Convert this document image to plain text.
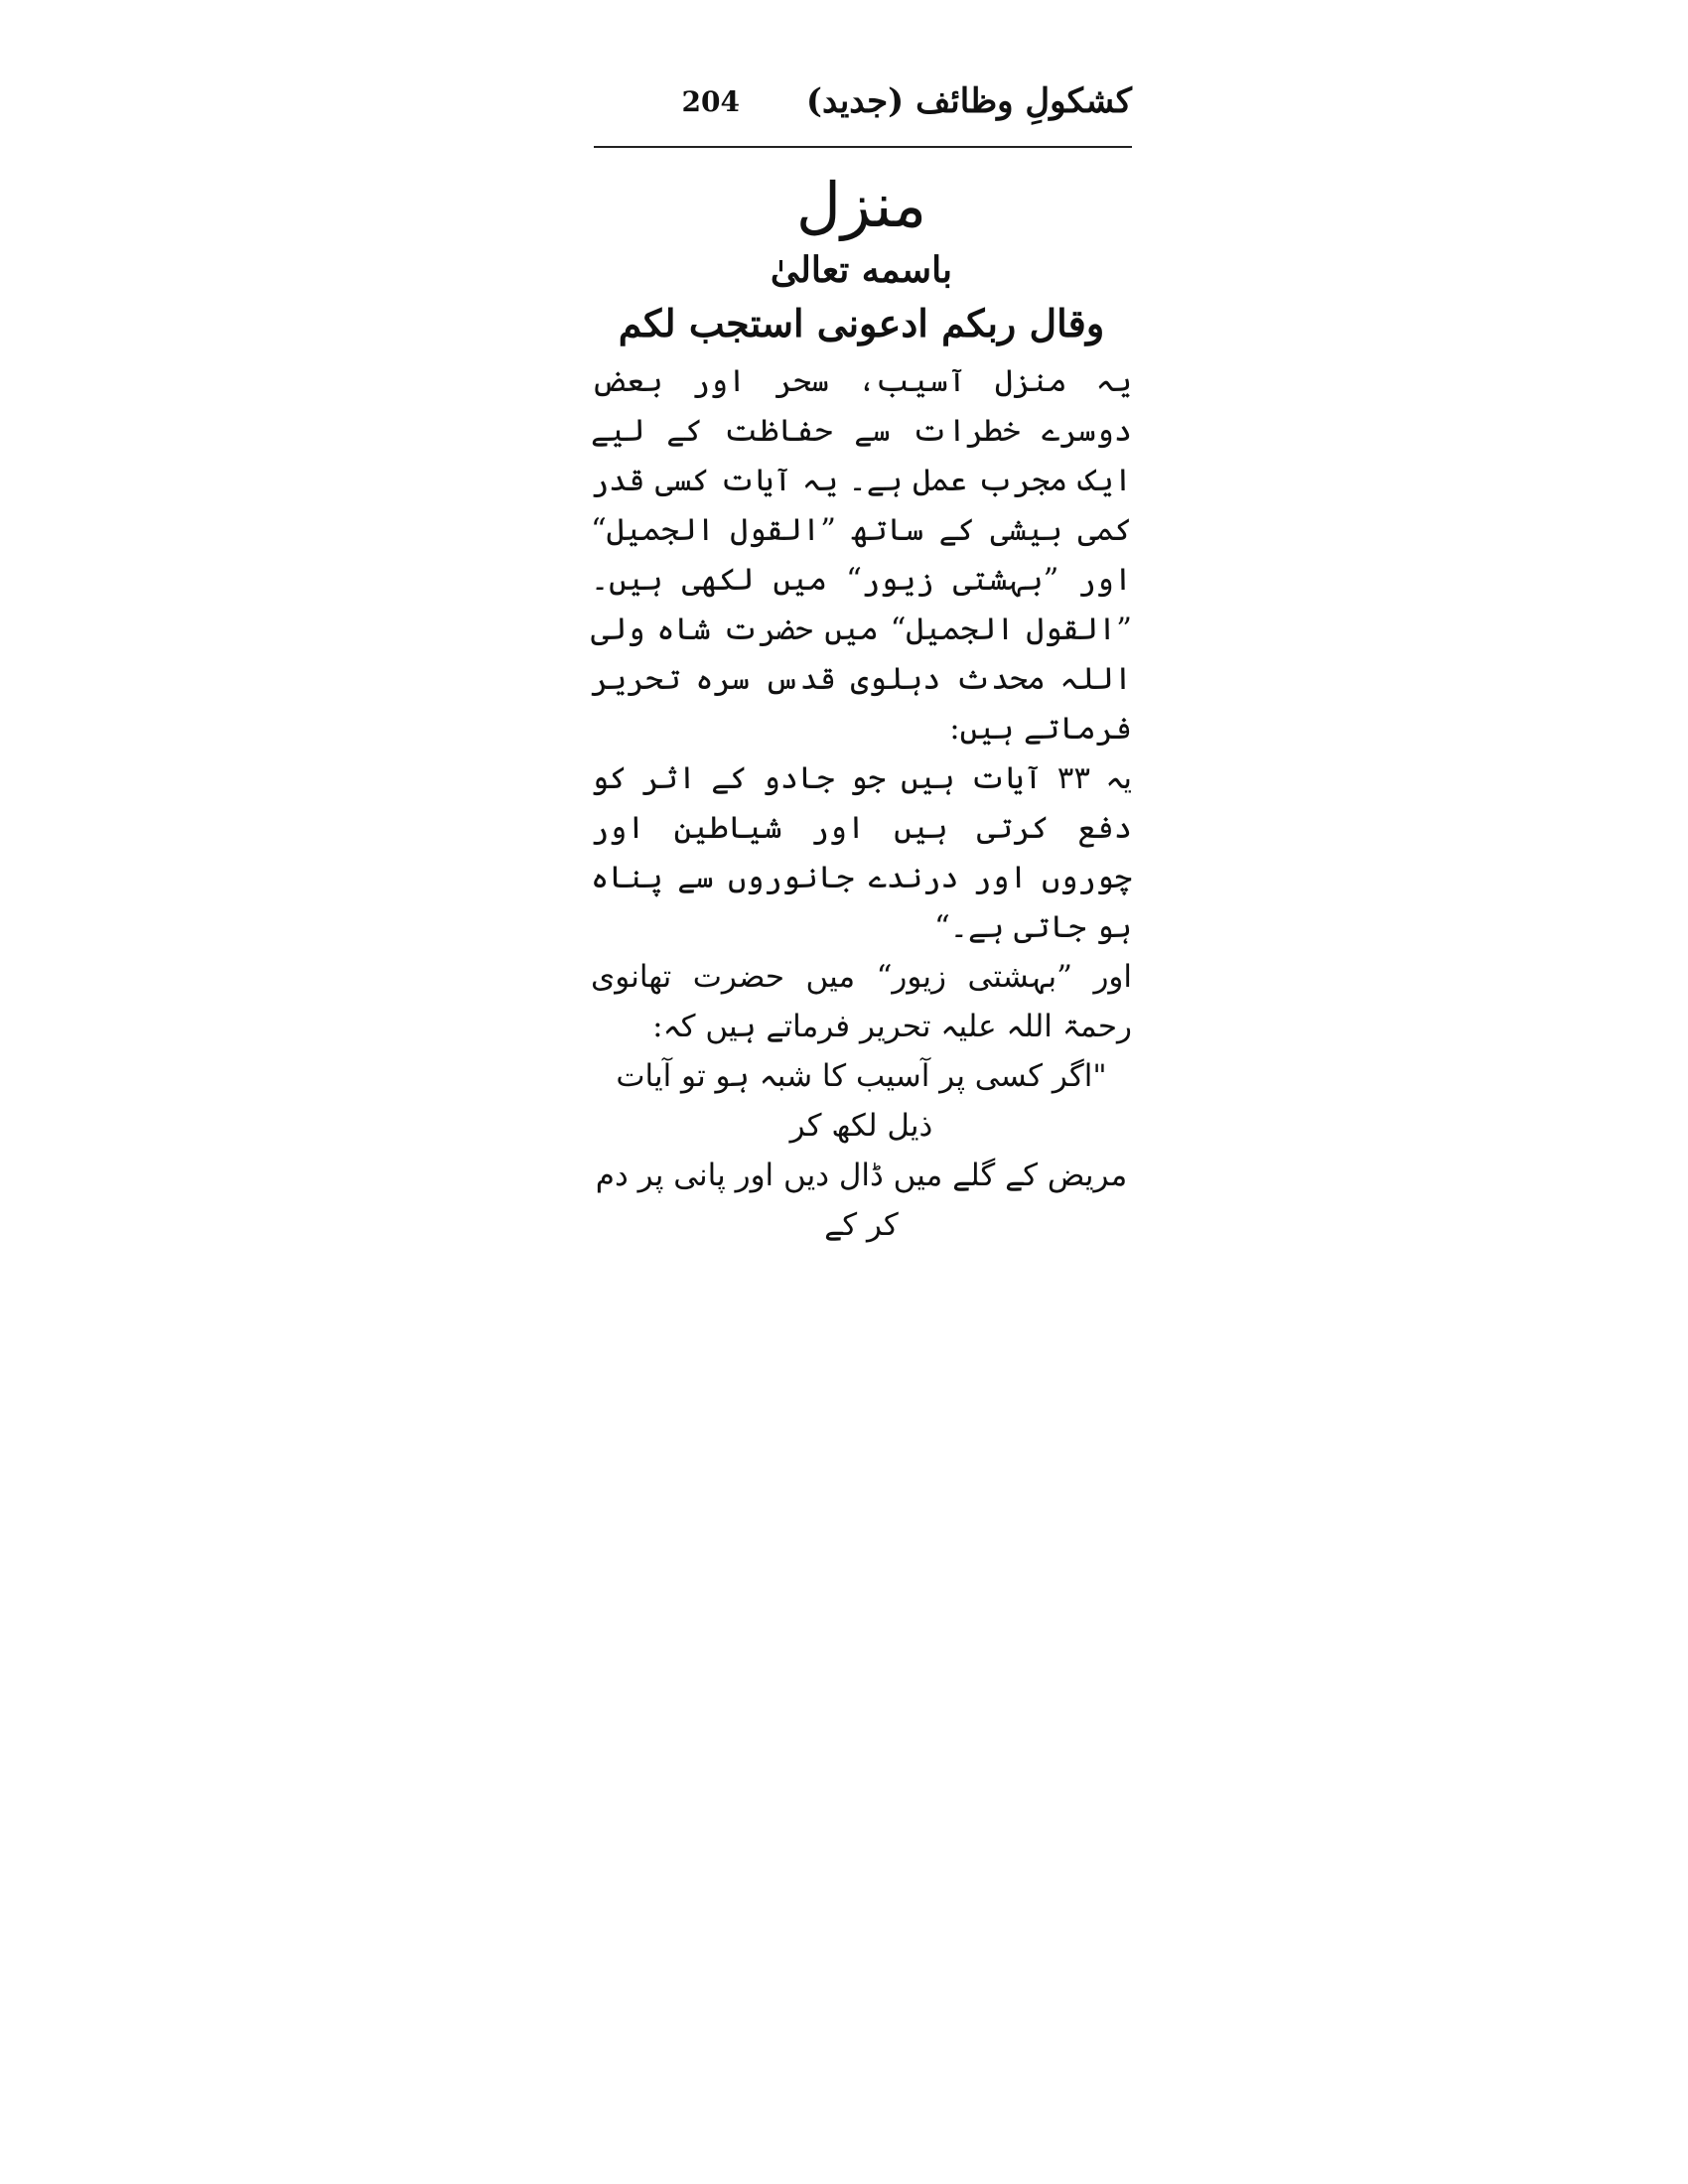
کشکولِ وظائف (جدید)
204
منزل

باسمه تعالیٰ

وقال ربکم ادعونی استجب لکم

یہ منزل آسیب، سحر اور بعض دوسرے خطرات سے حفاظت کے لیے ایک مجرب عمل ہے۔ یہ آیات کسی قدر کمی بیشی کے ساتھ ”القول الجمیل“ اور ”بہشتی زیور“ میں لکھی ہیں۔ ”القول الجمیل“ میں حضرت شاہ ولی اللہ محدث دہلوی قدس سرہ تحریر فرماتے ہیں:

یہ ۳۳ آیات ہیں جو جادو کے اثر کو دفع کرتی ہیں اور شیاطین اور چوروں اور درندے جانوروں سے پناہ ہو جاتی ہے۔“

اور ”بہشتی زیور“ میں حضرت تھانوی رحمۃ اللہ علیہ تحریر فرماتے ہیں کہ:

"اگر کسی پر آسیب کا شبہ ہو تو آیات ذیل لکھ کر

مریض کے گلے میں ڈال دیں اور پانی پر دم کر کے
